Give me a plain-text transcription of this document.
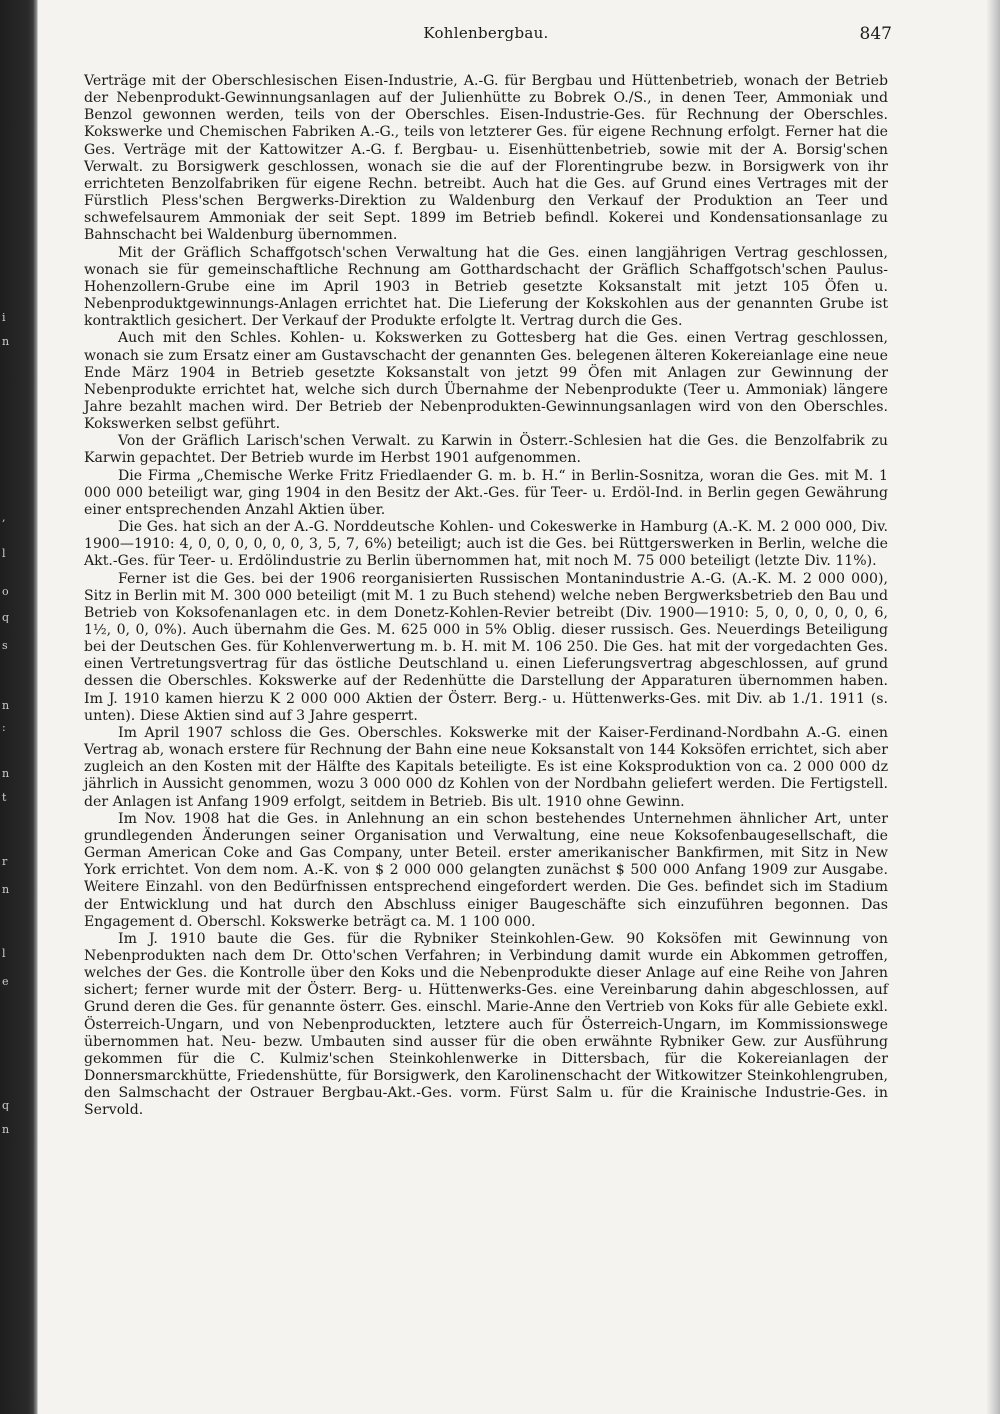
i
n
,
l
o
q
s
n
:
n
t
r
n
l
e
q
n
Kohlenbergbau.	847

Verträge mit der Oberschlesischen Eisen-Industrie, A.-G. für Bergbau und Hüttenbetrieb, wonach der Betrieb der Nebenprodukt-Gewinnungsanlagen auf der Julienhütte zu Bobrek O./S., in denen Teer, Ammoniak und Benzol gewonnen werden, teils von der Oberschles. Eisen-Industrie-Ges. für Rechnung der Oberschles. Kokswerke und Chemischen Fabriken A.-G., teils von letzterer Ges. für eigene Rechnung erfolgt. Ferner hat die Ges. Verträge mit der Kattowitzer A.-G. f. Bergbau- u. Eisenhüttenbetrieb, sowie mit der A. Borsig'schen Verwalt. zu Borsigwerk geschlossen, wonach sie die auf der Florentingrube bezw. in Borsigwerk von ihr errichteten Benzolfabriken für eigene Rechn. betreibt. Auch hat die Ges. auf Grund eines Vertrages mit der Fürstlich Pless'schen Bergwerks-Direktion zu Waldenburg den Verkauf der Produktion an Teer und schwefelsaurem Ammoniak der seit Sept. 1899 im Betrieb befindl. Kokerei und Kondensationsanlage zu Bahnschacht bei Waldenburg übernommen.

Mit der Gräflich Schaffgotsch'schen Verwaltung hat die Ges. einen langjährigen Vertrag geschlossen, wonach sie für gemeinschaftliche Rechnung am Gotthardschacht der Gräflich Schaffgotsch'schen Paulus-Hohenzollern-Grube eine im April 1903 in Betrieb gesetzte Koksanstalt mit jetzt 105 Öfen u. Nebenproduktgewinnungs-Anlagen errichtet hat. Die Lieferung der Kokskohlen aus der genannten Grube ist kontraktlich gesichert. Der Verkauf der Produkte erfolgte lt. Vertrag durch die Ges.

Auch mit den Schles. Kohlen- u. Kokswerken zu Gottesberg hat die Ges. einen Vertrag geschlossen, wonach sie zum Ersatz einer am Gustavschacht der genannten Ges. belegenen älteren Kokereianlage eine neue Ende März 1904 in Betrieb gesetzte Koksanstalt von jetzt 99 Öfen mit Anlagen zur Gewinnung der Nebenprodukte errichtet hat, welche sich durch Übernahme der Nebenprodukte (Teer u. Ammoniak) längere Jahre bezahlt machen wird. Der Betrieb der Nebenprodukten-Gewinnungsanlagen wird von den Oberschles. Kokswerken selbst geführt.

Von der Gräflich Larisch'schen Verwalt. zu Karwin in Österr.-Schlesien hat die Ges. die Benzolfabrik zu Karwin gepachtet. Der Betrieb wurde im Herbst 1901 aufgenommen.

Die Firma „Chemische Werke Fritz Friedlaender G. m. b. H.“ in Berlin-Sosnitza, woran die Ges. mit M. 1 000 000 beteiligt war, ging 1904 in den Besitz der Akt.-Ges. für Teer- u. Erdöl-Ind. in Berlin gegen Gewährung einer entsprechenden Anzahl Aktien über.

Die Ges. hat sich an der A.-G. Norddeutsche Kohlen- und Cokeswerke in Hamburg (A.-K. M. 2 000 000, Div. 1900—1910: 4, 0, 0, 0, 0, 0, 0, 3, 5, 7, 6%) beteiligt; auch ist die Ges. bei Rüttgerswerken in Berlin, welche die Akt.-Ges. für Teer- u. Erdölindustrie zu Berlin übernommen hat, mit noch M. 75 000 beteiligt (letzte Div. 11%).

Ferner ist die Ges. bei der 1906 reorganisierten Russischen Montanindustrie A.-G. (A.-K. M. 2 000 000), Sitz in Berlin mit M. 300 000 beteiligt (mit M. 1 zu Buch stehend) welche neben Bergwerksbetrieb den Bau und Betrieb von Koksofenanlagen etc. in dem Donetz-Kohlen-Revier betreibt (Div. 1900—1910: 5, 0, 0, 0, 0, 0, 6, 1½, 0, 0, 0%). Auch übernahm die Ges. M. 625 000 in 5% Oblig. dieser russisch. Ges. Neuerdings Beteiligung bei der Deutschen Ges. für Kohlenverwertung m. b. H. mit M. 106 250. Die Ges. hat mit der vorgedachten Ges. einen Vertretungsvertrag für das östliche Deutschland u. einen Lieferungsvertrag abgeschlossen, auf grund dessen die Oberschles. Kokswerke auf der Redenhütte die Darstellung der Apparaturen übernommen haben. Im J. 1910 kamen hierzu K 2 000 000 Aktien der Österr. Berg.- u. Hüttenwerks-Ges. mit Div. ab 1./1. 1911 (s. unten). Diese Aktien sind auf 3 Jahre gesperrt.

Im April 1907 schloss die Ges. Oberschles. Kokswerke mit der Kaiser-Ferdinand-Nordbahn A.-G. einen Vertrag ab, wonach erstere für Rechnung der Bahn eine neue Koksanstalt von 144 Koksöfen errichtet, sich aber zugleich an den Kosten mit der Hälfte des Kapitals beteiligte. Es ist eine Koksproduktion von ca. 2 000 000 dz jährlich in Aussicht genommen, wozu 3 000 000 dz Kohlen von der Nordbahn geliefert werden. Die Fertigstell. der Anlagen ist Anfang 1909 erfolgt, seitdem in Betrieb. Bis ult. 1910 ohne Gewinn.

Im Nov. 1908 hat die Ges. in Anlehnung an ein schon bestehendes Unternehmen ähnlicher Art, unter grundlegenden Änderungen seiner Organisation und Verwaltung, eine neue Koksofenbaugesellschaft, die German American Coke and Gas Company, unter Beteil. erster amerikanischer Bankfirmen, mit Sitz in New York errichtet. Von dem nom. A.-K. von $ 2 000 000 gelangten zunächst $ 500 000 Anfang 1909 zur Ausgabe. Weitere Einzahl. von den Bedürfnissen entsprechend eingefordert werden. Die Ges. befindet sich im Stadium der Entwicklung und hat durch den Abschluss einiger Baugeschäfte sich einzuführen begonnen. Das Engagement d. Oberschl. Kokswerke beträgt ca. M. 1 100 000.

Im J. 1910 baute die Ges. für die Rybniker Steinkohlen-Gew. 90 Koksöfen mit Gewinnung von Nebenprodukten nach dem Dr. Otto'schen Verfahren; in Verbindung damit wurde ein Abkommen getroffen, welches der Ges. die Kontrolle über den Koks und die Nebenprodukte dieser Anlage auf eine Reihe von Jahren sichert; ferner wurde mit der Österr. Berg- u. Hüttenwerks-Ges. eine Vereinbarung dahin abgeschlossen, auf Grund deren die Ges. für genannte österr. Ges. einschl. Marie-Anne den Vertrieb von Koks für alle Gebiete exkl. Österreich-Ungarn, und von Nebenproduckten, letztere auch für Österreich-Ungarn, im Kommissionswege übernommen hat. Neu- bezw. Umbauten sind ausser für die oben erwähnte Rybniker Gew. zur Ausführung gekommen für die C. Kulmiz'schen Steinkohlenwerke in Dittersbach, für die Kokereianlagen der Donnersmarckhütte, Friedenshütte, für Borsigwerk, den Karolinenschacht der Witkowitzer Steinkohlengruben, den Salmschacht der Ostrauer Bergbau-Akt.-Ges. vorm. Fürst Salm u. für die Krainische Industrie-Ges. in Servold.
